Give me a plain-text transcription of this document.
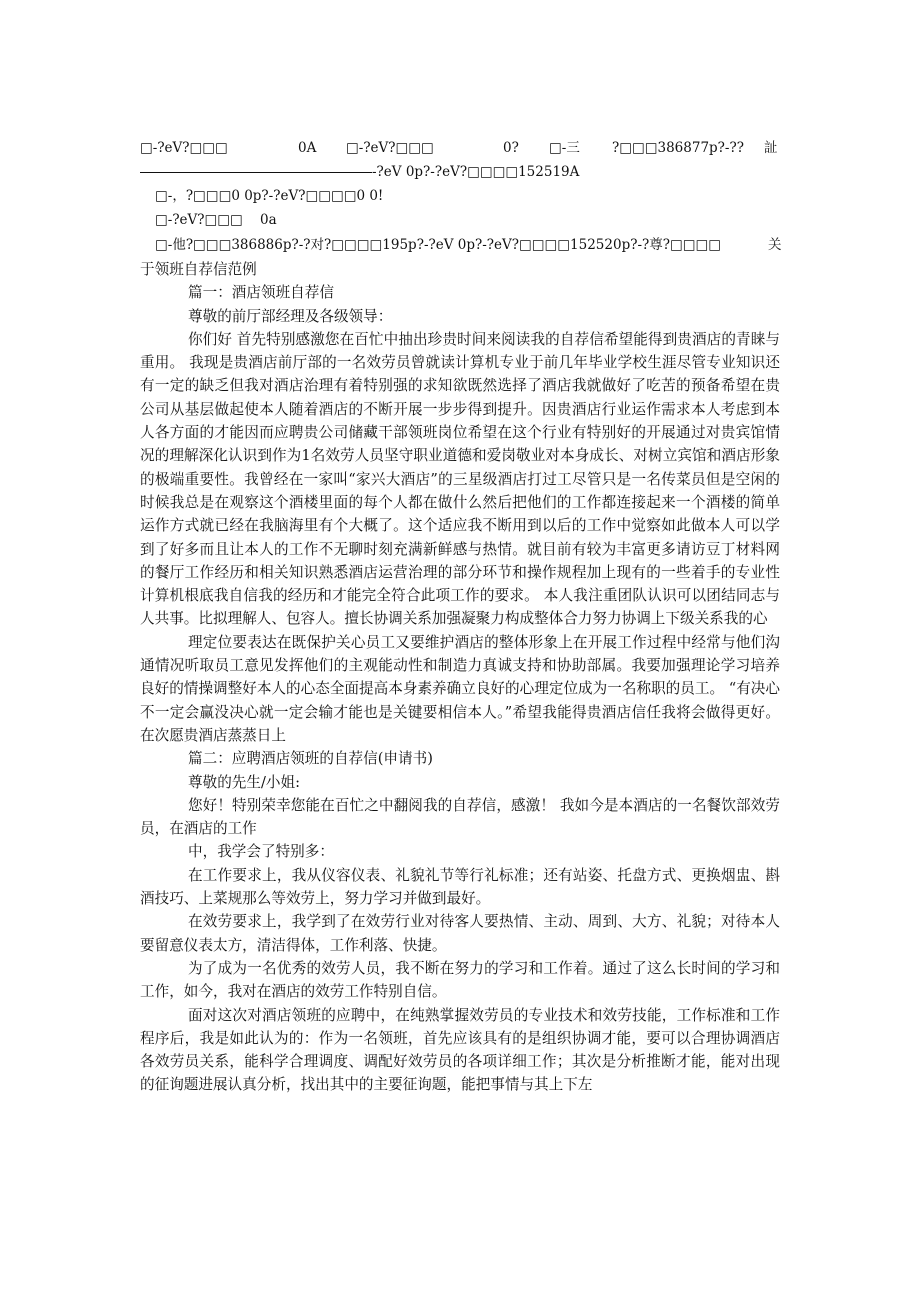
□-?eV?□□□	0A □-?eV?□□□	0? □-三 ?□□□386877p?-?? 訨
-?eV 0p?-?eV?□□□□152519A
□-，?□□□0 0p?-?eV?□□□□0 0!
□-?eV?□□□ 0a
□-他?□□□386886p?-?对?□□□□195p?-?eV 0p?-?eV?□□□□152520p?-?尊?□□□□	关

于领班自荐信范例

篇一：酒店领班自荐信

尊敬的前厅部经理及各级领导：

你们好 首先特别感激您在百忙中抽出珍贵时间来阅读我的自荐信希望能得到贵酒店的青睐与重用。 我现是贵酒店前厅部的一名效劳员曾就读计算机专业于前几年毕业学校生涯尽管专业知识还有一定的缺乏但我对酒店治理有着特别强的求知欲既然选择了酒店我就做好了吃苦的预备希望在贵公司从基层做起使本人随着酒店的不断开展一步步得到提升。因贵酒店行业运作需求本人考虑到本人各方面的才能因而应聘贵公司储藏干部领班岗位希望在这个行业有特别好的开展通过对贵宾馆情况的理解深化认识到作为1名效劳人员坚守职业道德和爱岗敬业对本身成长、对树立宾馆和酒店形象的极端重要性。我曾经在一家叫“家兴大酒店”的三星级酒店打过工尽管只是一名传菜员但是空闲的时候我总是在观察这个酒楼里面的每个人都在做什么然后把他们的工作都连接起来一个酒楼的简单运作方式就已经在我脑海里有个大概了。这个适应我不断用到以后的工作中觉察如此做本人可以学到了好多而且让本人的工作不无聊时刻充满新鲜感与热情。就目前有较为丰富更多请访豆丁材料网 的餐厅工作经历和相关知识熟悉酒店运营治理的部分环节和操作规程加上现有的一些着手的专业性计算机根底我自信我的经历和才能完全符合此项工作的要求。 本人我注重团队认识可以团结同志与人共事。比拟理解人、包容人。擅长协调关系加强凝聚力构成整体合力努力协调上下级关系我的心

理定位要表达在既保护关心员工又要维护酒店的整体形象上在开展工作过程中经常与他们沟通情况听取员工意见发挥他们的主观能动性和制造力真诚支持和协助部属。我要加强理论学习培养良好的情操调整好本人的心态全面提高本身素养确立良好的心理定位成为一名称职的员工。 “有决心不一定会赢没决心就一定会输才能也是关键要相信本人。”希望我能得贵酒店信任我将会做得更好。 在次愿贵酒店蒸蒸日上

篇二：应聘酒店领班的自荐信(申请书)

尊敬的先生/小姐:

您好！特别荣幸您能在百忙之中翻阅我的自荐信，感激！ 我如今是本酒店的一名餐饮部效劳员，在酒店的工作

中，我学会了特别多：

在工作要求上，我从仪容仪表、礼貌礼节等行礼标准；还有站姿、托盘方式、更换烟盅、斟酒技巧、上菜规那么等效劳上，努力学习并做到最好。

在效劳要求上，我学到了在效劳行业对待客人要热情、主动、周到、大方、礼貌；对待本人要留意仪表太方，清洁得体，工作利落、快捷。

为了成为一名优秀的效劳人员，我不断在努力的学习和工作着。通过了这么长时间的学习和工作，如今，我对在酒店的效劳工作特别自信。

面对这次对酒店领班的应聘中，在纯熟掌握效劳员的专业技术和效劳技能，工作标准和工作程序后，我是如此认为的：作为一名领班，首先应该具有的是组织协调才能，要可以合理协调酒店各效劳员关系，能科学合理调度、调配好效劳员的各项详细工作；其次是分析推断才能，能对出现的征询题进展认真分析，找出其中的主要征询题，能把事情与其上下左
